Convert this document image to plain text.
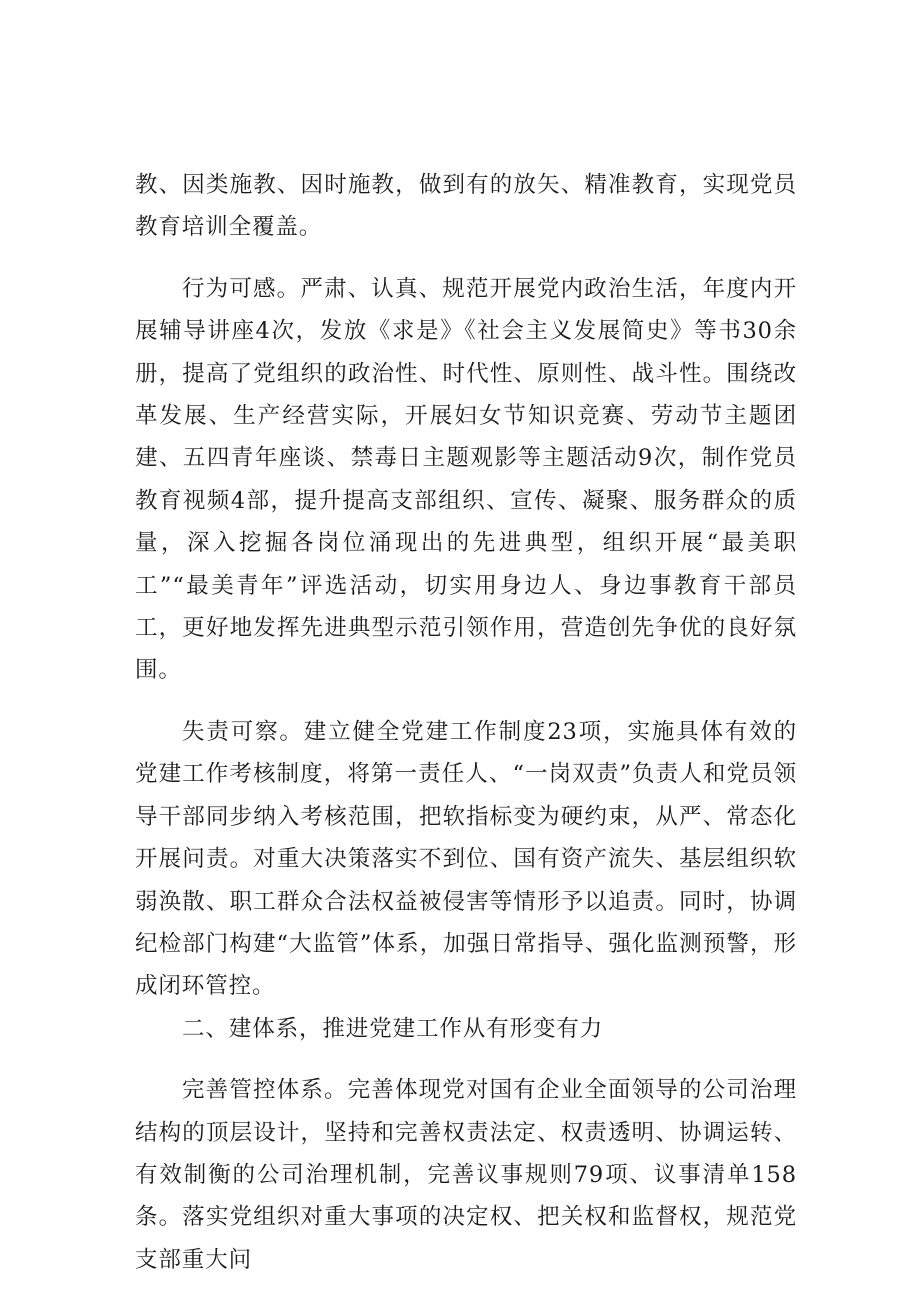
教、因类施教、因时施教，做到有的放矢、精准教育，实现党员教育培训全覆盖。

行为可感。严肃、认真、规范开展党内政治生活，年度内开展辅导讲座4次，发放《求是》《社会主义发展简史》等书30余册，提高了党组织的政治性、时代性、原则性、战斗性。围绕改革发展、生产经营实际，开展妇女节知识竞赛、劳动节主题团建、五四青年座谈、禁毒日主题观影等主题活动9次，制作党员教育视频4部，提升提高支部组织、宣传、凝聚、服务群众的质量，深入挖掘各岗位涌现出的先进典型，组织开展“最美职工”“最美青年”评选活动，切实用身边人、身边事教育干部员工，更好地发挥先进典型示范引领作用，营造创先争优的良好氛围。

失责可察。建立健全党建工作制度23项，实施具体有效的党建工作考核制度，将第一责任人、“一岗双责”负责人和党员领导干部同步纳入考核范围，把软指标变为硬约束，从严、常态化开展问责。对重大决策落实不到位、国有资产流失、基层组织软弱涣散、职工群众合法权益被侵害等情形予以追责。同时，协调纪检部门构建“大监管”体系，加强日常指导、强化监测预警，形成闭环管控。

二、建体系，推进党建工作从有形变有力

完善管控体系。完善体现党对国有企业全面领导的公司治理结构的顶层设计，坚持和完善权责法定、权责透明、协调运转、有效制衡的公司治理机制，完善议事规则79项、议事清单158条。落实党组织对重大事项的决定权、把关权和监督权，规范党支部重大问
